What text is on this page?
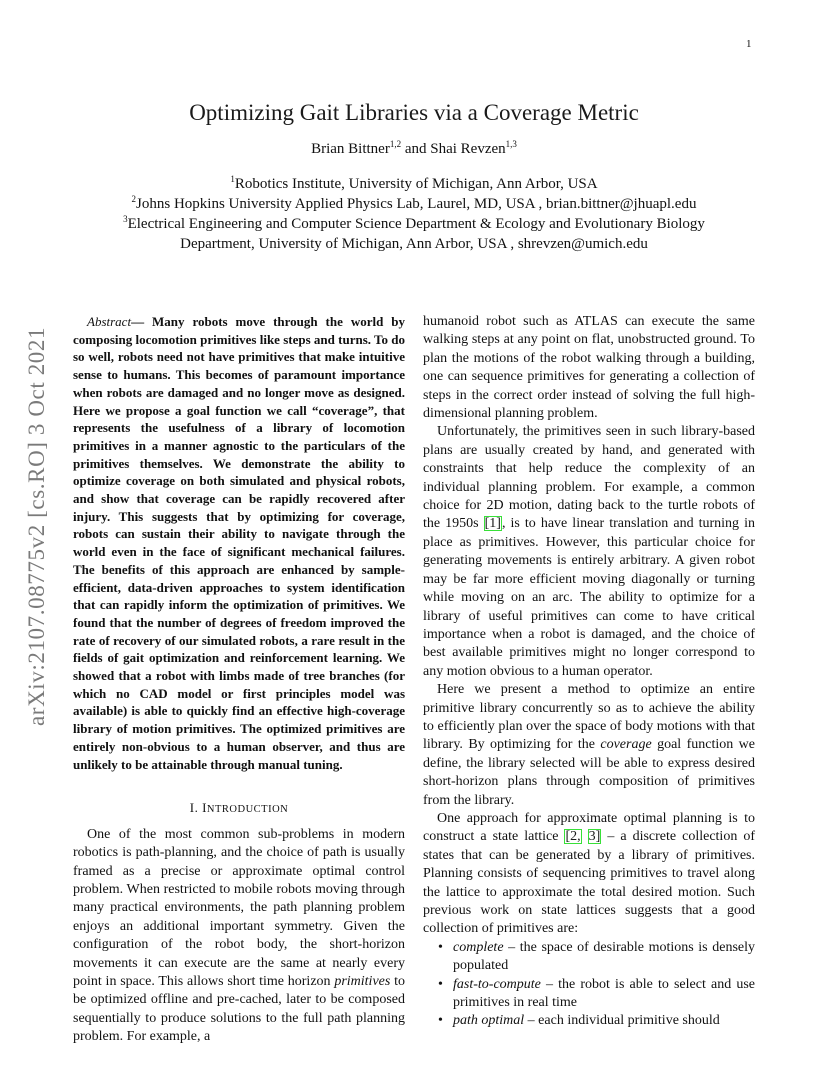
1
arXiv:2107.08775v2 [cs.RO] 3 Oct 2021
Optimizing Gait Libraries via a Coverage Metric
Brian Bittner$^{1,2}$ and Shai Revzen$^{1,3}$
$^1$Robotics Institute, University of Michigan, Ann Arbor, USA
$^2$Johns Hopkins University Applied Physics Lab, Laurel, MD, USA , brian.bittner@jhuapl.edu
$^3$Electrical Engineering and Computer Science Department & Ecology and Evolutionary Biology
Department, University of Michigan, Ann Arbor, USA , shrevzen@umich.edu

Abstract— Many robots move through the world by composing locomotion primitives like steps and turns. To do so well, robots need not have primitives that make intuitive sense to humans. This becomes of paramount importance when robots are damaged and no longer move as designed. Here we propose a goal function we call “coverage”, that represents the usefulness of a library of locomotion primitives in a manner agnostic to the particulars of the primitives themselves. We demonstrate the ability to optimize coverage on both simulated and physical robots, and show that coverage can be rapidly recovered after injury. This suggests that by optimizing for coverage, robots can sustain their ability to navigate through the world even in the face of significant mechanical failures. The benefits of this approach are enhanced by sample-efficient, data-driven approaches to system identification that can rapidly inform the optimization of primitives. We found that the number of degrees of freedom improved the rate of recovery of our simulated robots, a rare result in the fields of gait optimization and reinforcement learning. We showed that a robot with limbs made of tree branches (for which no CAD model or first principles model was available) is able to quickly find an effective high-coverage library of motion primitives. The optimized primitives are entirely non-obvious to a human observer, and thus are unlikely to be attainable through manual tuning.

I. INTRODUCTION

One of the most common sub-problems in modern robotics is path-planning, and the choice of path is usually framed as a precise or approximate optimal control problem. When restricted to mobile robots moving through many practical environments, the path planning problem enjoys an additional important symmetry. Given the configuration of the robot body, the short-horizon movements it can execute are the same at nearly every point in space. This allows short time horizon primitives to be optimized offline and pre-cached, later to be composed sequentially to produce solutions to the full path planning problem. For example, a

humanoid robot such as ATLAS can execute the same walking steps at any point on flat, unobstructed ground. To plan the motions of the robot walking through a building, one can sequence primitives for generating a collection of steps in the correct order instead of solving the full high-dimensional planning problem.

Unfortunately, the primitives seen in such library-based plans are usually created by hand, and generated with constraints that help reduce the complexity of an individual planning problem. For example, a common choice for 2D motion, dating back to the turtle robots of the 1950s [1], is to have linear translation and turning in place as primitives. However, this particular choice for generating movements is entirely arbitrary. A given robot may be far more efficient moving diagonally or turning while moving on an arc. The ability to optimize for a library of useful primitives can come to have critical importance when a robot is damaged, and the choice of best available primitives might no longer correspond to any motion obvious to a human operator.

Here we present a method to optimize an entire primitive library concurrently so as to achieve the ability to efficiently plan over the space of body motions with that library. By optimizing for the coverage goal function we define, the library selected will be able to express desired short-horizon plans through composition of primitives from the library.

One approach for approximate optimal planning is to construct a state lattice [2, 3] – a discrete collection of states that can be generated by a library of primitives. Planning consists of sequencing primitives to travel along the lattice to approximate the total desired motion. Such previous work on state lattices suggests that a good collection of primitives are:

• complete – the space of desirable motions is densely populated
• fast-to-compute – the robot is able to select and use primitives in real time
• path optimal – each individual primitive should
